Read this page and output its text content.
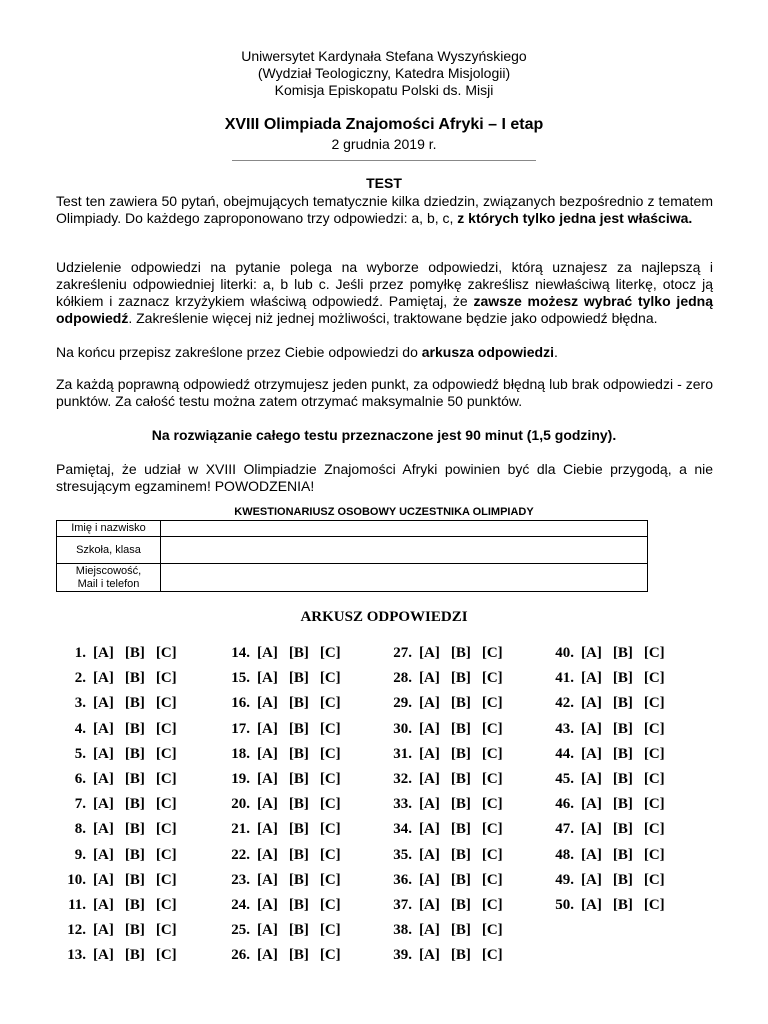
Uniwersytet Kardynała Stefana Wyszyńskiego
(Wydział Teologiczny, Katedra Misjologii)
Komisja Episkopatu Polski ds. Misji
XVIII Olimpiada Znajomości Afryki – I etap
2 grudnia 2019 r.
TEST

Test ten zawiera 50 pytań, obejmujących tematycznie kilka dziedzin, związanych bezpośrednio z tematem Olimpiady. Do każdego zaproponowano trzy odpowiedzi: a, b, c, z których tylko jedna jest właściwa.

Udzielenie odpowiedzi na pytanie polega na wyborze odpowiedzi, którą uznajesz za najlepszą i zakreśleniu odpowiedniej literki: a, b lub c. Jeśli przez pomyłkę zakreślisz niewłaściwą literkę, otocz ją kółkiem i zaznacz krzyżykiem właściwą odpowiedź. Pamiętaj, że zawsze możesz wybrać tylko jedną odpowiedź. Zakreślenie więcej niż jednej możliwości, traktowane będzie jako odpowiedź błędna.

Na końcu przepisz zakreślone przez Ciebie odpowiedzi do arkusza odpowiedzi.

Za każdą poprawną odpowiedź otrzymujesz jeden punkt, za odpowiedź błędną lub brak odpowiedzi - zero punktów. Za całość testu można zatem otrzymać maksymalnie 50 punktów.

Na rozwiązanie całego testu przeznaczone jest 90 minut (1,5 godziny).

Pamiętaj, że udział w XVIII Olimpiadzie Znajomości Afryki powinien być dla Ciebie przygodą, a nie stresującym egzaminem! POWODZENIA!

KWESTIONARIUSZ OSOBOWY UCZESTNIKA OLIMPIADY
Imię i nazwisko	
Szkoła, klasa	

Miejscowość,
Mail i telefon	

ARKUSZ ODPOWIEDZI
1. [A] [B] [C]
2. [A] [B] [C]
3. [A] [B] [C]
4. [A] [B] [C]
5. [A] [B] [C]
6. [A] [B] [C]
7. [A] [B] [C]
8. [A] [B] [C]
9. [A] [B] [C]
10. [A] [B] [C]
11. [A] [B] [C]
12. [A] [B] [C]
13. [A] [B] [C]
14. [A] [B] [C]
15. [A] [B] [C]
16. [A] [B] [C]
17. [A] [B] [C]
18. [A] [B] [C]
19. [A] [B] [C]
20. [A] [B] [C]
21. [A] [B] [C]
22. [A] [B] [C]
23. [A] [B] [C]
24. [A] [B] [C]
25. [A] [B] [C]
26. [A] [B] [C]
27. [A] [B] [C]
28. [A] [B] [C]
29. [A] [B] [C]
30. [A] [B] [C]
31. [A] [B] [C]
32. [A] [B] [C]
33. [A] [B] [C]
34. [A] [B] [C]
35. [A] [B] [C]
36. [A] [B] [C]
37. [A] [B] [C]
38. [A] [B] [C]
39. [A] [B] [C]
40. [A] [B] [C]
41. [A] [B] [C]
42. [A] [B] [C]
43. [A] [B] [C]
44. [A] [B] [C]
45. [A] [B] [C]
46. [A] [B] [C]
47. [A] [B] [C]
48. [A] [B] [C]
49. [A] [B] [C]
50. [A] [B] [C]
